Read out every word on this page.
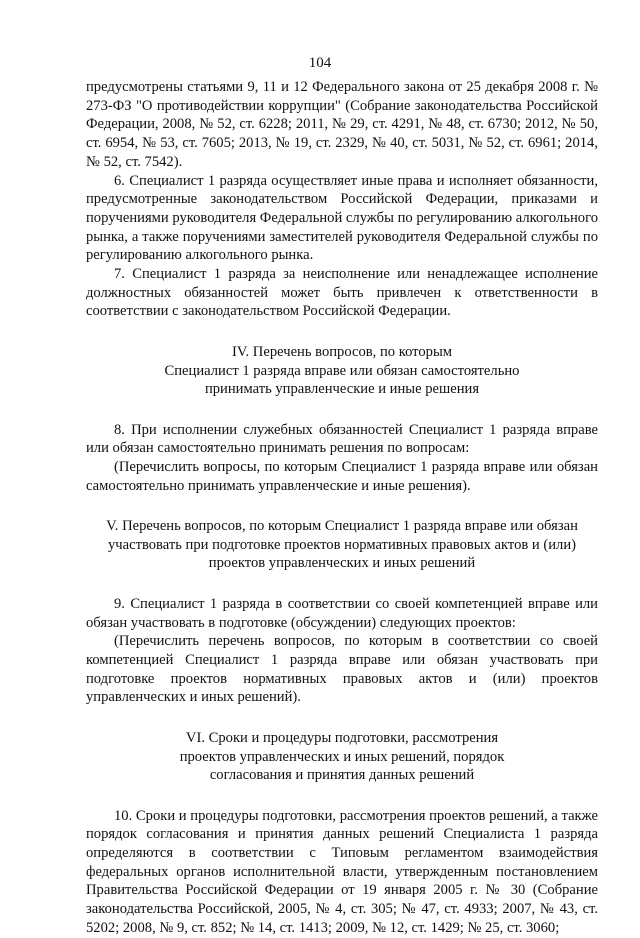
104

предусмотрены статьями 9, 11 и 12 Федерального закона от 25 декабря 2008 г. № 273-ФЗ "О противодействии коррупции" (Собрание законодательства Российской Федерации, 2008, № 52, ст. 6228; 2011, № 29, ст. 4291, № 48, ст. 6730; 2012, № 50, ст. 6954, № 53, ст. 7605; 2013, № 19, ст. 2329, № 40, ст. 5031, № 52, ст. 6961; 2014, № 52, ст. 7542).

6. Специалист 1 разряда осуществляет иные права и исполняет обязанности, предусмотренные законодательством Российской Федерации, приказами и поручениями руководителя Федеральной службы по регулированию алкогольного рынка, а также поручениями заместителей руководителя Федеральной службы по регулированию алкогольного рынка.

7. Специалист 1 разряда за неисполнение или ненадлежащее исполнение должностных обязанностей может быть привлечен к ответственности в соответствии с законодательством Российской Федерации.

IV. Перечень вопросов, по которым
Специалист 1 разряда вправе или обязан самостоятельно
принимать управленческие и иные решения

8. При исполнении служебных обязанностей Специалист 1 разряда вправе или обязан самостоятельно принимать решения по вопросам:

(Перечислить вопросы, по которым Специалист 1 разряда вправе или обязан самостоятельно принимать управленческие и иные решения).

V. Перечень вопросов, по которым Специалист 1 разряда вправе или обязан
участвовать при подготовке проектов нормативных правовых актов и (или)
проектов управленческих и иных решений

9. Специалист 1 разряда в соответствии со своей компетенцией вправе или обязан участвовать в подготовке (обсуждении) следующих проектов:

(Перечислить перечень вопросов, по которым в соответствии со своей компетенцией Специалист 1 разряда вправе или обязан участвовать при подготовке проектов нормативных правовых актов и (или) проектов управленческих и иных решений).

VI. Сроки и процедуры подготовки, рассмотрения
проектов управленческих и иных решений, порядок
согласования и принятия данных решений

10. Сроки и процедуры подготовки, рассмотрения проектов решений, а также порядок согласования и принятия данных решений Специалиста 1 разряда определяются в соответствии с Типовым регламентом взаимодействия федеральных органов исполнительной власти, утвержденным постановлением Правительства Российской Федерации от 19 января 2005 г. № 30 (Собрание законодательства Российской, 2005, № 4, ст. 305; № 47, ст. 4933; 2007, № 43, ст. 5202; 2008, № 9, ст. 852; № 14, ст. 1413; 2009, № 12, ст. 1429; № 25, ст. 3060;
